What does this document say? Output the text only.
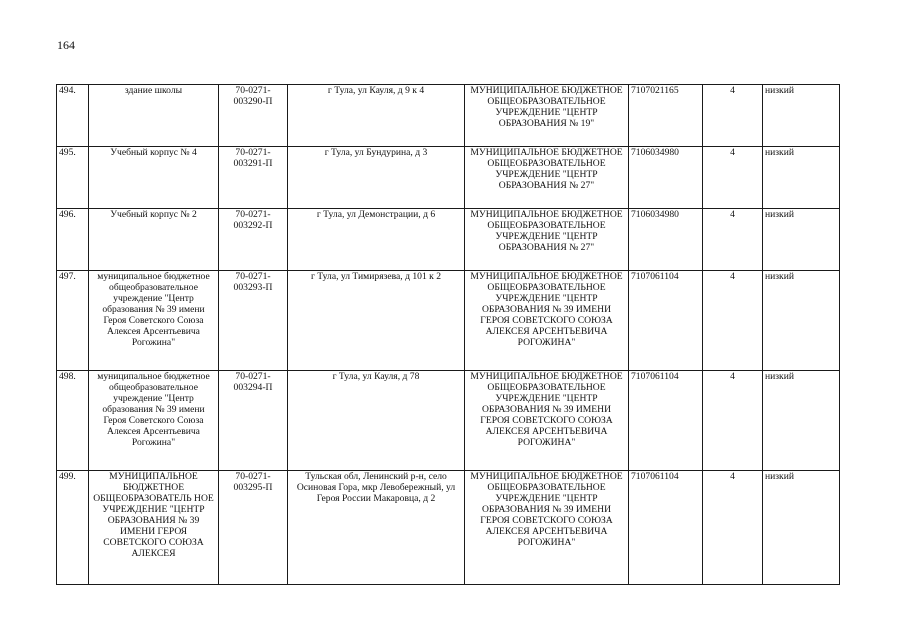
164
494.	здание школы	70-0271-003290-П	г Тула, ул Кауля, д 9 к 4	МУНИЦИПАЛЬНОЕ БЮДЖЕТНОЕ ОБЩЕОБРАЗОВАТЕЛЬНОЕ УЧРЕЖДЕНИЕ "ЦЕНТР ОБРАЗОВАНИЯ № 19"	7107021165	4	низкий
495.	Учебный корпус № 4	70-0271-003291-П	г Тула, ул Бундурина, д 3	МУНИЦИПАЛЬНОЕ БЮДЖЕТНОЕ ОБЩЕОБРАЗОВАТЕЛЬНОЕ УЧРЕЖДЕНИЕ "ЦЕНТР ОБРАЗОВАНИЯ № 27"	7106034980	4	низкий
496.	Учебный корпус № 2	70-0271-003292-П	г Тула, ул Демонстрации, д 6	МУНИЦИПАЛЬНОЕ БЮДЖЕТНОЕ ОБЩЕОБРАЗОВАТЕЛЬНОЕ УЧРЕЖДЕНИЕ "ЦЕНТР ОБРАЗОВАНИЯ № 27"	7106034980	4	низкий
497.	муниципальное бюджетное общеобразовательное учреждение "Центр образования № 39 имени Героя Советского Союза Алексея Арсентьевича Рогожина"	70-0271-003293-П	г Тула, ул Тимирязева, д 101 к 2	МУНИЦИПАЛЬНОЕ БЮДЖЕТНОЕ ОБЩЕОБРАЗОВАТЕЛЬНОЕ УЧРЕЖДЕНИЕ "ЦЕНТР ОБРАЗОВАНИЯ № 39 ИМЕНИ ГЕРОЯ СОВЕТСКОГО СОЮЗА АЛЕКСЕЯ АРСЕНТЬЕВИЧА РОГОЖИНА"	7107061104	4	низкий
498.	муниципальное бюджетное общеобразовательное учреждение "Центр образования № 39 имени Героя Советского Союза Алексея Арсентьевича Рогожина"	70-0271-003294-П	г Тула, ул Кауля, д 78	МУНИЦИПАЛЬНОЕ БЮДЖЕТНОЕ ОБЩЕОБРАЗОВАТЕЛЬНОЕ УЧРЕЖДЕНИЕ "ЦЕНТР ОБРАЗОВАНИЯ № 39 ИМЕНИ ГЕРОЯ СОВЕТСКОГО СОЮЗА АЛЕКСЕЯ АРСЕНТЬЕВИЧА РОГОЖИНА"	7107061104	4	низкий
499.	МУНИЦИПАЛЬНОЕ БЮДЖЕТНОЕ ОБЩЕОБРАЗОВАТЕЛЬ НОЕ УЧРЕЖДЕНИЕ "ЦЕНТР ОБРАЗОВАНИЯ № 39 ИМЕНИ ГЕРОЯ СОВЕТСКОГО СОЮЗА АЛЕКСЕЯ	70-0271-003295-П	Тульская обл, Ленинский р-н, село Осиновая Гора, мкр Левобережный, ул Героя России Макаровца, д 2	МУНИЦИПАЛЬНОЕ БЮДЖЕТНОЕ ОБЩЕОБРАЗОВАТЕЛЬНОЕ УЧРЕЖДЕНИЕ "ЦЕНТР ОБРАЗОВАНИЯ № 39 ИМЕНИ ГЕРОЯ СОВЕТСКОГО СОЮЗА АЛЕКСЕЯ АРСЕНТЬЕВИЧА РОГОЖИНА"	7107061104	4	низкий
